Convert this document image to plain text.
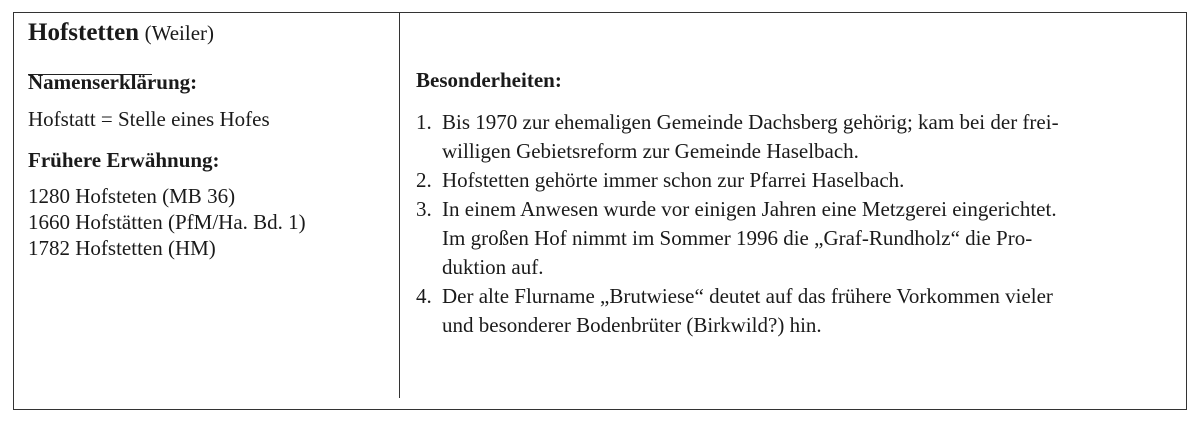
Hofstetten (Weiler)
Namenserklärung:
Hofstatt = Stelle eines Hofes
Frühere Erwähnung:
1280 Hofsteten (MB 36)
1660 Hofstätten (PfM/Ha. Bd. 1)
1782 Hofstetten (HM)
Besonderheiten:
1. Bis 1970 zur ehemaligen Gemeinde Dachsberg gehörig; kam bei der frei-
willigen Gebietsreform zur Gemeinde Haselbach.
2. Hofstetten gehörte immer schon zur Pfarrei Haselbach.
3. In einem Anwesen wurde vor einigen Jahren eine Metzgerei eingerichtet.
Im großen Hof nimmt im Sommer 1996 die „Graf-Rundholz“ die Pro-
duktion auf.
4. Der alte Flurname „Brutwiese“ deutet auf das frühere Vorkommen vieler
und besonderer Bodenbrüter (Birkwild?) hin.
